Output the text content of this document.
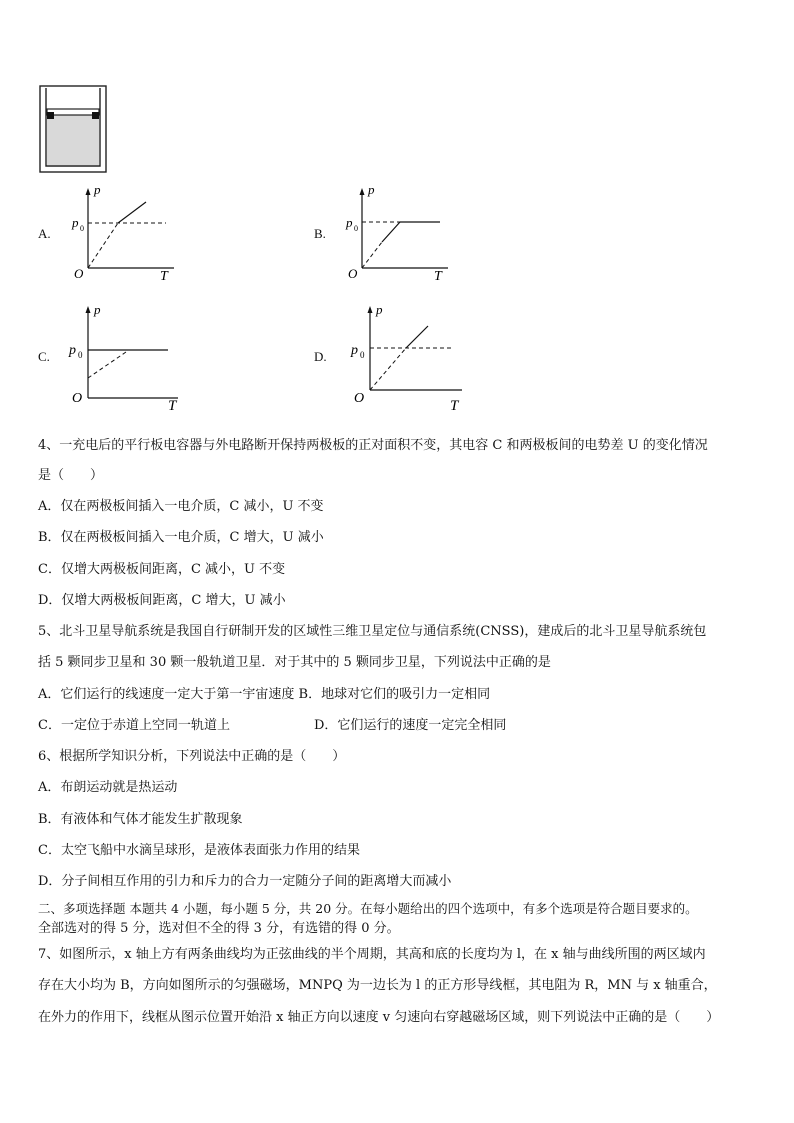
A.
p
p 0
O	T
B.
p
p 0
O	T
C.
p
p 0
O	T
D.
p
p 0
O	T
4、一充电后的平行板电容器与外电路断开保持两极板的正对面积不变，其电容 C 和两极板间的电势差 U 的变化情况
是（　　）
A．仅在两极板间插入一电介质，C 减小，U 不变
B．仅在两极板间插入一电介质，C 增大，U 减小
C．仅增大两极板间距离，C 减小，U 不变
D．仅增大两极板间距离，C 增大，U 减小
5、北斗卫星导航系统是我国自行研制开发的区域性三维卫星定位与通信系统(CNSS)，建成后的北斗卫星导航系统包
括 5 颗同步卫星和 30 颗一般轨道卫星．对于其中的 5 颗同步卫星，下列说法中正确的是
A．它们运行的线速度一定大于第一宇宙速度 B．地球对它们的吸引力一定相同
C．一定位于赤道上空同一轨道上	D．它们运行的速度一定完全相同
6、根据所学知识分析，下列说法中正确的是（　　）
A．布朗运动就是热运动
B．有液体和气体才能发生扩散现象
C．太空飞船中水滴呈球形，是液体表面张力作用的结果
D．分子间相互作用的引力和斥力的合力一定随分子间的距离增大而减小
二、多项选择题 本题共 4 小题，每小题 5 分，共 20 分。在每小题给出的四个选项中，有多个选项是符合题目要求的。
全部选对的得 5 分，选对但不全的得 3 分，有选错的得 0 分。
7、如图所示，x 轴上方有两条曲线均为正弦曲线的半个周期，其高和底的长度均为 l，在 x 轴与曲线所围的两区域内
存在大小均为 B，方向如图所示的匀强磁场，MNPQ 为一边长为 l 的正方形导线框，其电阻为 R，MN 与 x 轴重合，
在外力的作用下，线框从图示位置开始沿 x 轴正方向以速度 v 匀速向右穿越磁场区域，则下列说法中正确的是（　　）
